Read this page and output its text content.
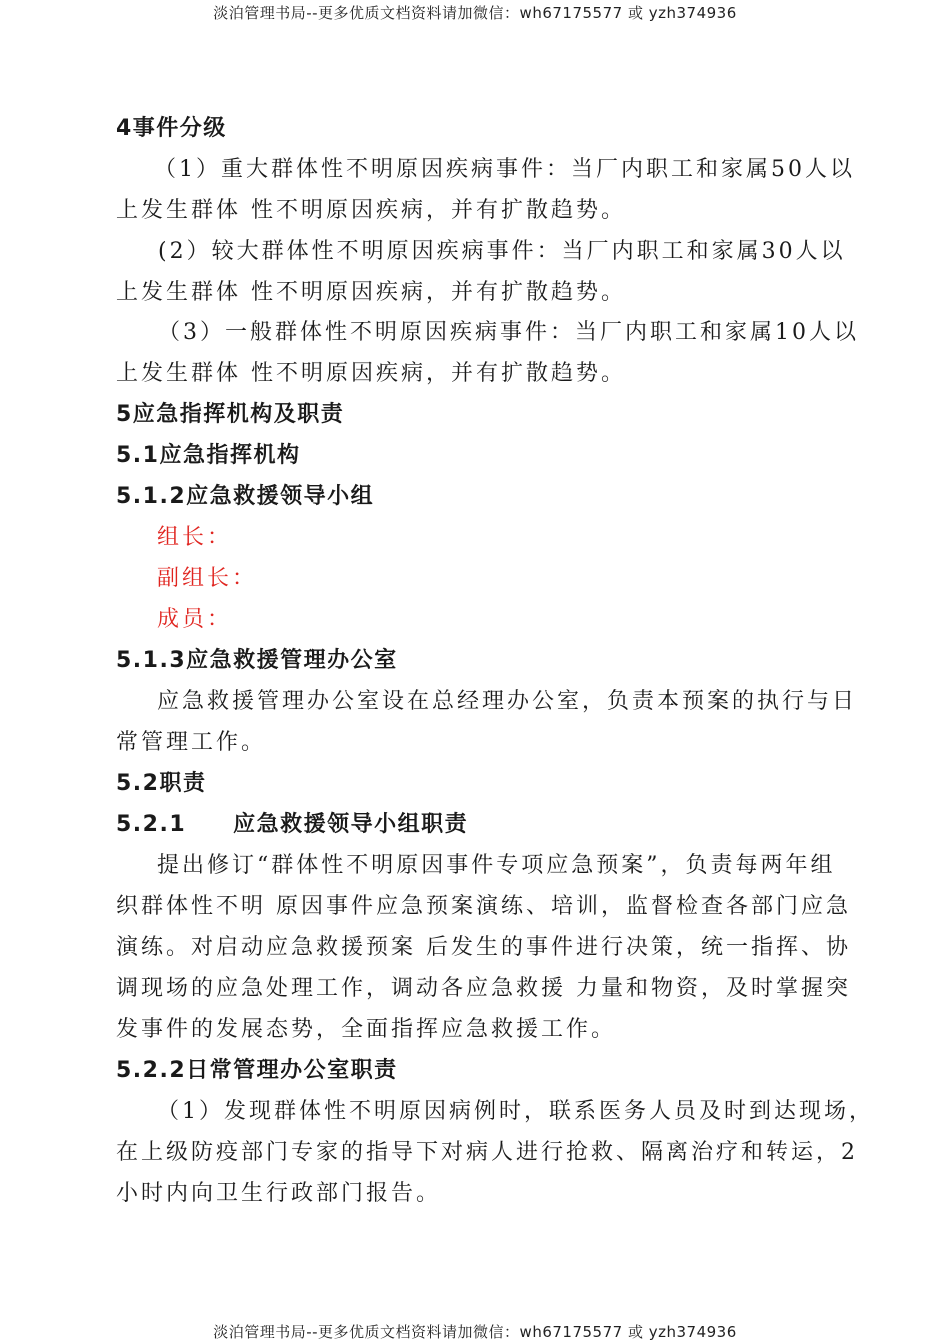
淡泊管理书局--更多优质文档资料请加微信：wh67175577 或 yzh374936
4事件分级
（1）重大群体性不明原因疾病事件：当厂内职工和家属50人以
上发生群体 性不明原因疾病，并有扩散趋势。
(2）较大群体性不明原因疾病事件：当厂内职工和家属30人以
上发生群体 性不明原因疾病，并有扩散趋势。
（3）一般群体性不明原因疾病事件：当厂内职工和家属10人以
上发生群体 性不明原因疾病，并有扩散趋势。
5应急指挥机构及职责
5.1应急指挥机构
5.1.2应急救援领导小组
组长：
副组长：
成员：
5.1.3应急救援管理办公室
应急救援管理办公室设在总经理办公室，负责本预案的执行与日
常管理工作。
5.2职责
5.2.1　　应急救援领导小组职责
提出修订“群体性不明原因事件专项应急预案”，负责每两年组
织群体性不明 原因事件应急预案演练、培训，监督检查各部门应急
演练。对启动应急救援预案 后发生的事件进行决策，统一指挥、协
调现场的应急处理工作，调动各应急救援 力量和物资，及时掌握突
发事件的发展态势，全面指挥应急救援工作。
5.2.2日常管理办公室职责
（1）发现群体性不明原因病例时，联系医务人员及时到达现场，
在上级防疫部门专家的指导下对病人进行抢救、隔离治疗和转运，2
小时内向卫生行政部门报告。
淡泊管理书局--更多优质文档资料请加微信：wh67175577 或 yzh374936
